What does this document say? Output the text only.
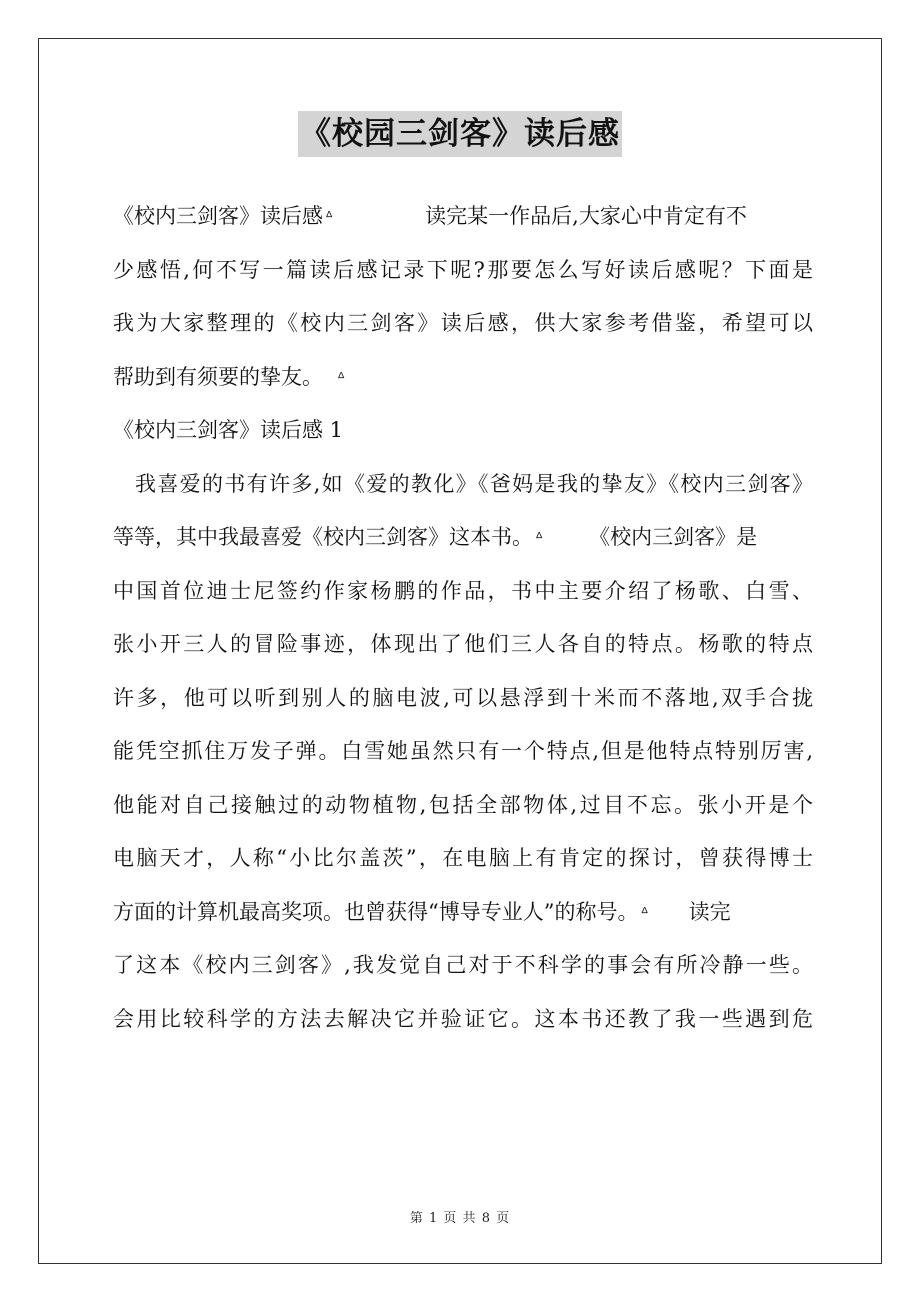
《校园三剑客》读后感
《校内三剑客》读后感 ᐞ	读完某一作品后,大家心中肯定有不
少感悟,何不写一篇读后感记录下呢?那要怎么写好读后感呢？下面是
我为大家整理的《校内三剑客》读后感，供大家参考借鉴，希望可以
帮助到有须要的挚友。 ᐞ
《校内三剑客》读后感 1
我喜爱的书有许多,如《爱的教化》《爸妈是我的挚友》《校内三剑客》
等等，其中我最喜爱《校内三剑客》这本书。 ᐞ 《校内三剑客》是
中国首位迪士尼签约作家杨鹏的作品，书中主要介绍了杨歌、白雪、
张小开三人的冒险事迹，体现出了他们三人各自的特点。杨歌的特点
许多，他可以听到别人的脑电波,可以悬浮到十米而不落地,双手合拢
能凭空抓住万发子弹。白雪她虽然只有一个特点,但是他特点特别厉害,
他能对自己接触过的动物植物,包括全部物体,过目不忘。张小开是个
电脑天才，人称“小比尔盖茨”，在电脑上有肯定的探讨，曾获得博士
方面的计算机最高奖项。也曾获得“博导专业人”的称号。 ᐞ 读完
了这本《校内三剑客》,我发觉自己对于不科学的事会有所冷静一些。
会用比较科学的方法去解决它并验证它。这本书还教了我一些遇到危
第 1 页 共 8 页
